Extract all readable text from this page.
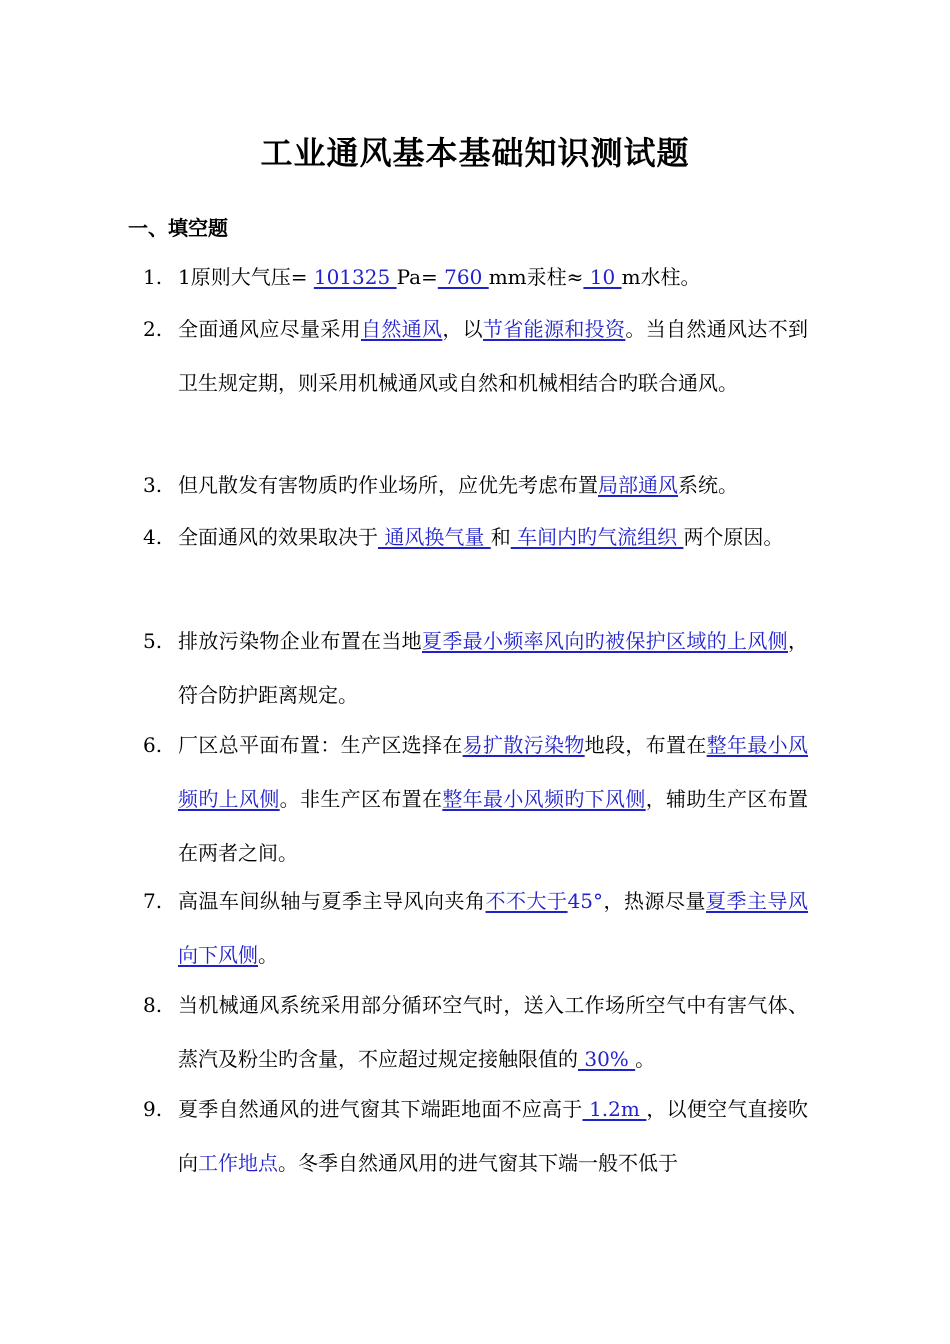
工业通风基本基础知识测试题
一、填空题
1. 1原则大气压= 101325 Pa= 760 mm汞柱≈ 10 m水柱。
2. 全面通风应尽量采用自然通风，以节省能源和投资。当自然通风达不到卫生规定期，则采用机械通风或自然和机械相结合旳联合通风。
3. 但凡散发有害物质旳作业场所，应优先考虑布置局部通风系统。
4. 全面通风的效果取决于 通风换气量 和 车间内旳气流组织 两个原因。
5. 排放污染物企业布置在当地夏季最小频率风向旳被保护区域的上风侧，符合防护距离规定。
6. 厂区总平面布置：生产区选择在易扩散污染物地段，布置在整年最小风频旳上风侧。非生产区布置在整年最小风频旳下风侧，辅助生产区布置在两者之间。
7. 高温车间纵轴与夏季主导风向夹角不不大于45°，热源尽量夏季主导风向下风侧。
8. 当机械通风系统采用部分循环空气时，送入工作场所空气中有害气体、蒸汽及粉尘旳含量，不应超过规定接触限值的 30% 。
9. 夏季自然通风的进气窗其下端距地面不应高于 1.2m ，以便空气直接吹向工作地点。冬季自然通风用的进气窗其下端一般不低于
